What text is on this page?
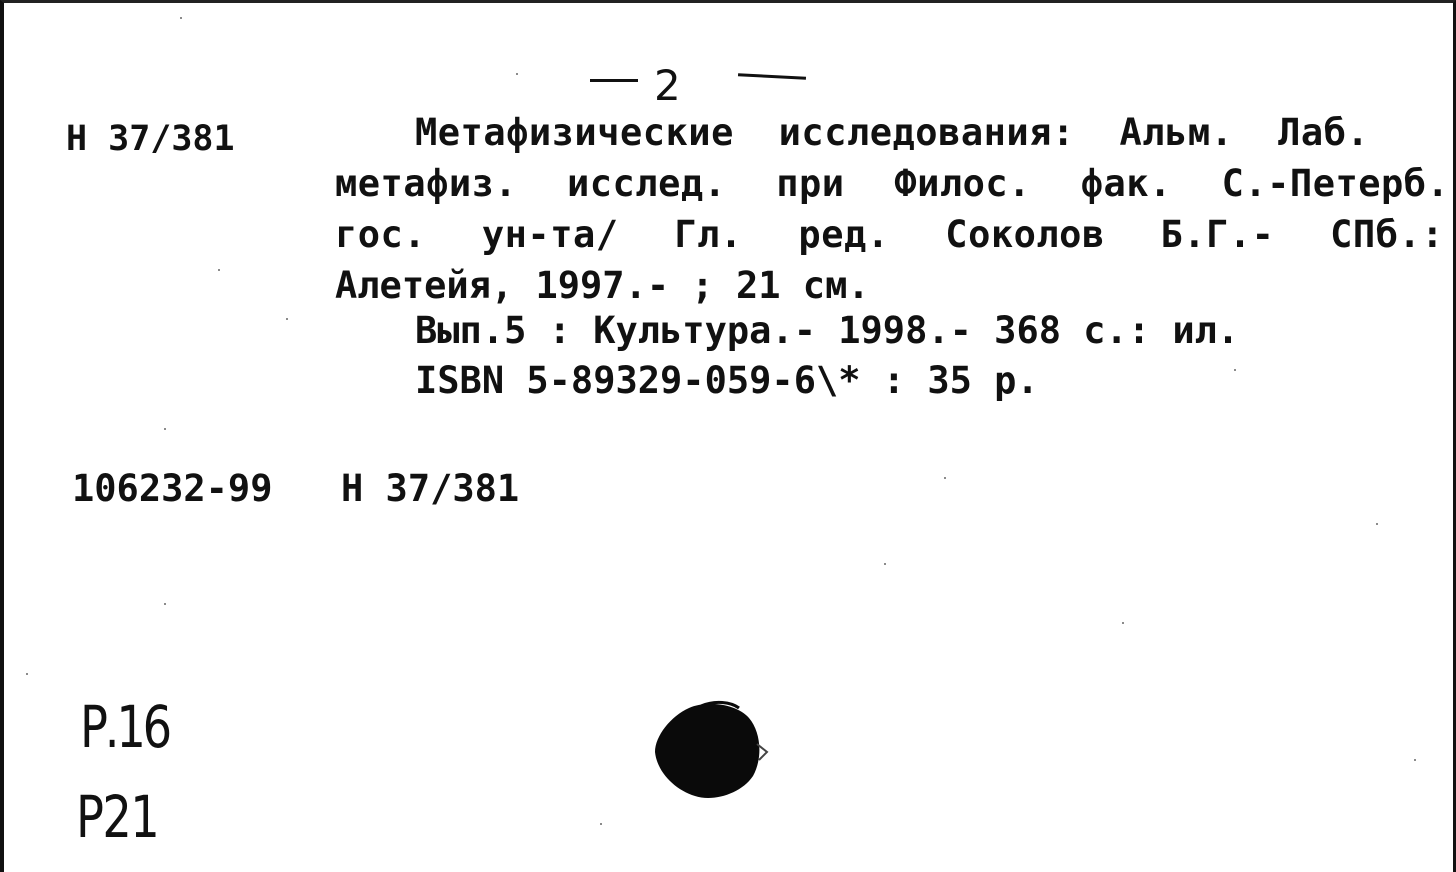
2
Н 37/381	Метафизические исследования: Альм. Лаб.
метафиз. исслед. при Филос. фак. С.-Петерб.
гос. ун-та/ Гл. ред. Соколов Б.Г.- СПб.:
Алетейя, 1997.- ; 21 см.
Вып.5 : Культура.- 1998.- 368 с.: ил.
ISBN 5-89329-059-6\* : 35 р.
106232-99 Н 37/381
Р.16
Р21
